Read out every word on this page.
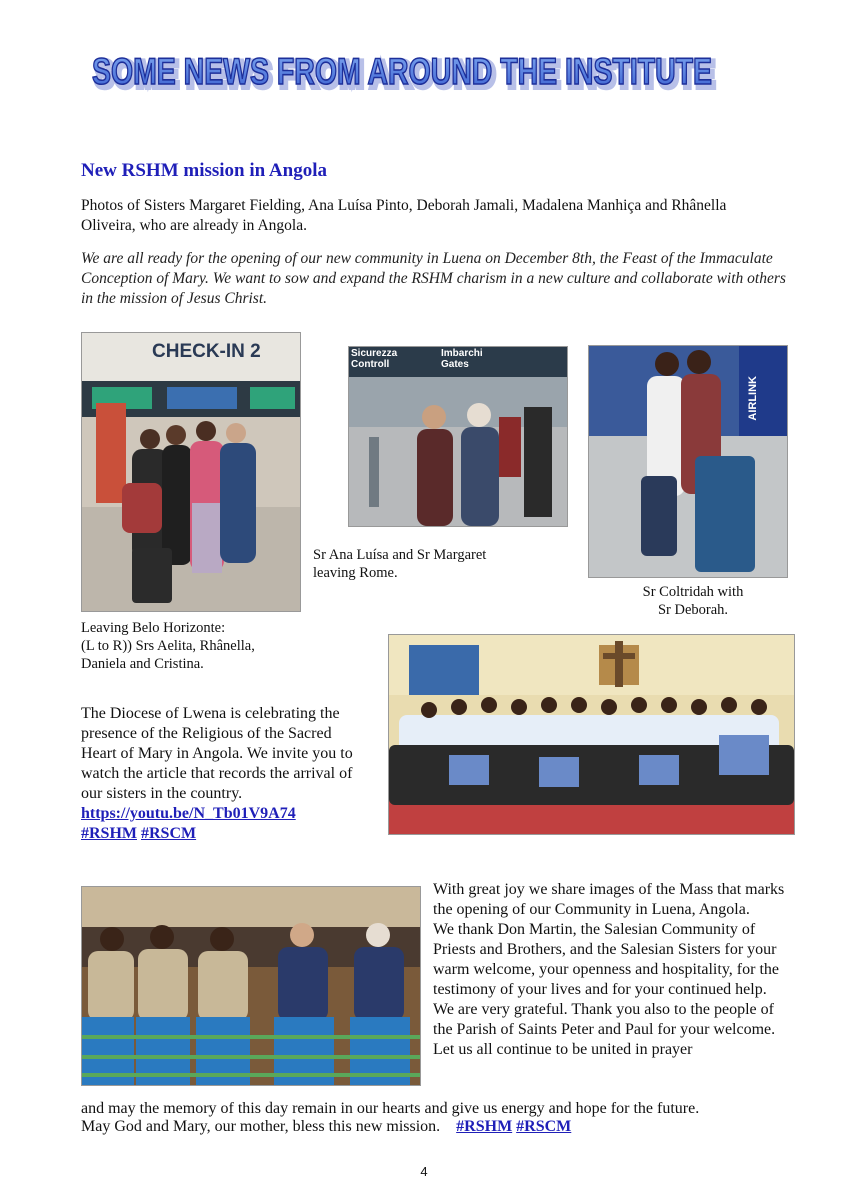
SOME NEWS FROM AROUND THE INSTITUTE
SOME NEWS FROM AROUND THE INSTITUTE
New RSHM mission in Angola
Photos of Sisters Margaret Fielding, Ana Luísa Pinto, Deborah Jamali, Madalena Manhiça and Rhânella Oliveira, who are already in Angola.
We are all ready for the opening of our new community in Luena on December 8th, the Feast of the Immaculate Conception of Mary. We want to sow and expand the RSHM charism in a new culture and collaborate with others in the mission of Jesus Christ.
CHECK-IN 2
Leaving Belo Horizonte:
(L to R)) Srs Aelita, Rhânella,
Daniela and Cristina.
Sicurezza
Controll
Imbarchi
Gates
Sr Ana Luísa and Sr Margaret
leaving Rome.
AIRLINK
Sr Coltridah with
Sr Deborah.
The Diocese of Lwena is celebrating the presence of the Religious of the Sacred Heart of Mary in Angola. We invite you to watch the article that records the arrival of our sisters in the country.
https://youtu.be/N_Tb01V9A74
#RSHM #RSCM
With great joy we share images of the Mass that marks the opening of our Community in Luena, Angola.
We thank Don Martin, the Salesian Community of Priests and Brothers, and the Salesian Sisters for your warm welcome, your openness and hospitality, for the testimony of your lives and for your continued help.
We are very grateful. Thank you also to the people of the Parish of Saints Peter and Paul for your welcome. Let us all continue to be united in prayer
and may the memory of this day remain in our hearts and give us energy and hope for the future.
May God and Mary, our mother, bless this new mission. #RSHM #RSCM
4
